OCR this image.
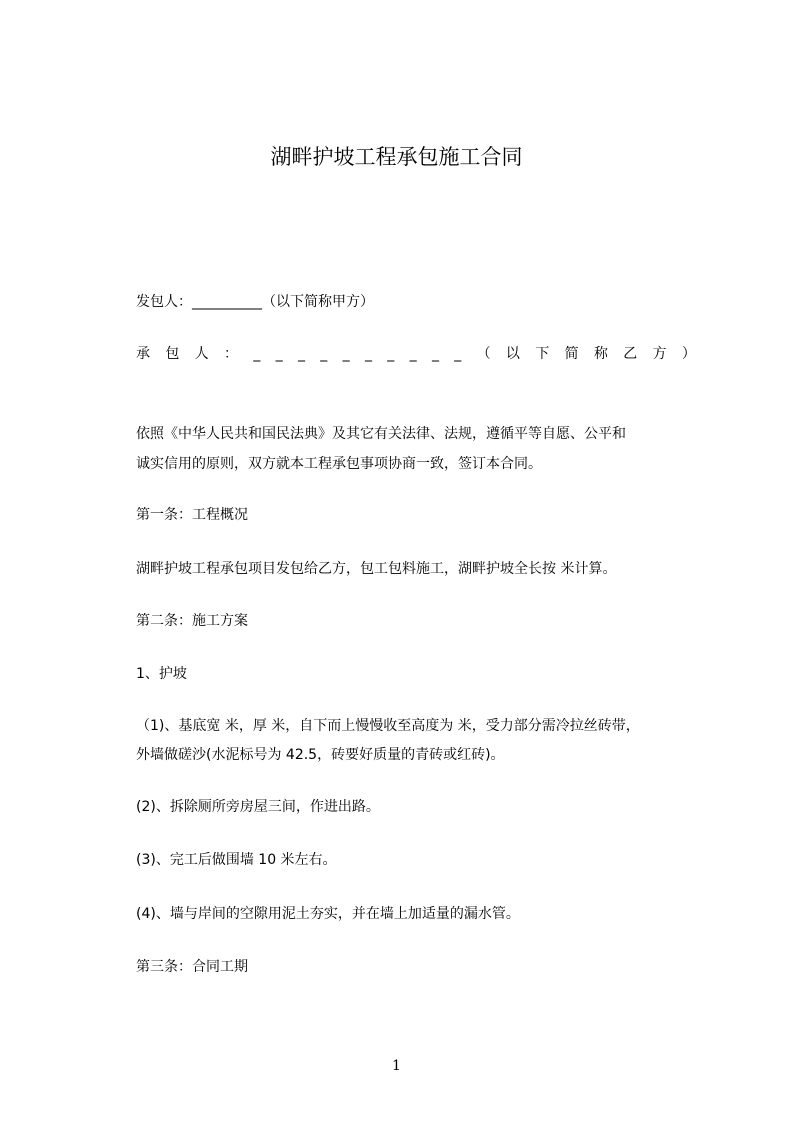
湖畔护坡工程承包施工合同
发包人：__________（以下简称甲方）
承 包 人 ： _ _ _ _ _ _ _ _ _ _ （ 以 下 简 称 乙 方 ）
依照《中华人民共和国民法典》及其它有关法律、法规，遵循平等自愿、公平和
诚实信用的原则，双方就本工程承包事项协商一致，签订本合同。
第一条：工程概况
湖畔护坡工程承包项目发包给乙方，包工包料施工，湖畔护坡全长按 米计算。
第二条：施工方案
1、护坡
（1)、基底宽 米，厚 米，自下而上慢慢收至高度为 米，受力部分需冷拉丝砖带，
外墙做磋沙(水泥标号为 42.5，砖要好质量的青砖或红砖)。
(2)、拆除厕所旁房屋三间，作进出路。
(3)、完工后做围墙 10 米左右。
(4)、墙与岸间的空隙用泥土夯实，并在墙上加适量的漏水管。
第三条：合同工期
1
